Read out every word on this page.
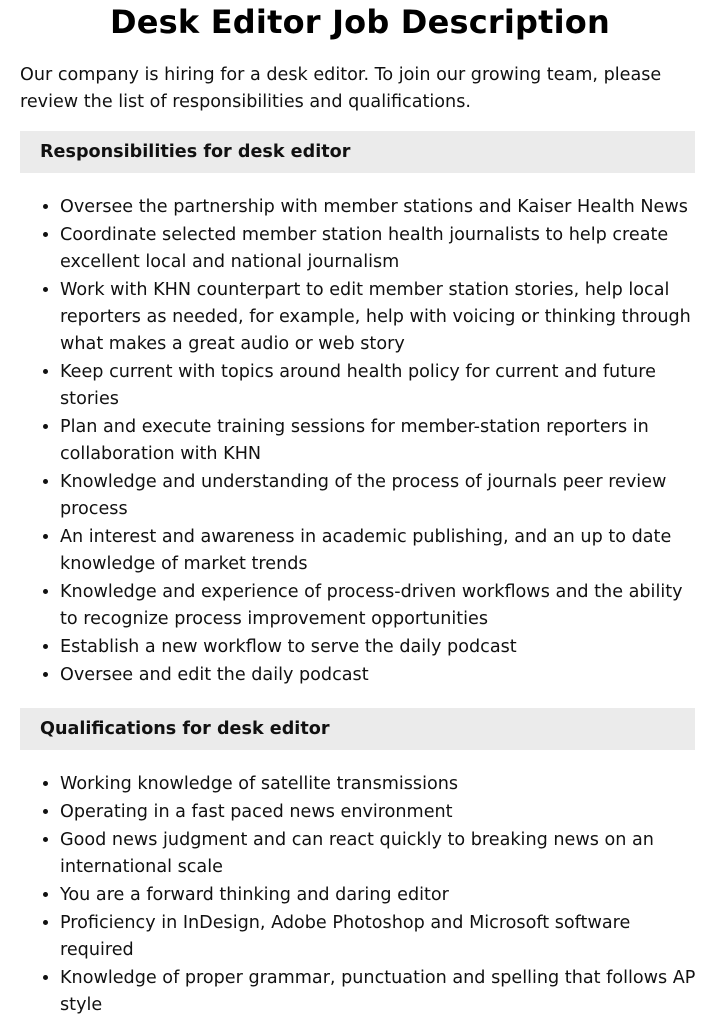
Desk Editor Job Description

Our company is hiring for a desk editor. To join our growing team, please review the list of responsibilities and qualifications.

Responsibilities for desk editor
• Oversee the partnership with member stations and Kaiser Health News
• Coordinate selected member station health journalists to help create excellent local and national journalism
• Work with KHN counterpart to edit member station stories, help local reporters as needed, for example, help with voicing or thinking through what makes a great audio or web story
• Keep current with topics around health policy for current and future stories
• Plan and execute training sessions for member-station reporters in collaboration with KHN
• Knowledge and understanding of the process of journals peer review process
• An interest and awareness in academic publishing, and an up to date knowledge of market trends
• Knowledge and experience of process-driven workflows and the ability to recognize process improvement opportunities
• Establish a new workflow to serve the daily podcast
• Oversee and edit the daily podcast
Qualifications for desk editor
• Working knowledge of satellite transmissions
• Operating in a fast paced news environment
• Good news judgment and can react quickly to breaking news on an international scale
• You are a forward thinking and daring editor
• Proficiency in InDesign, Adobe Photoshop and Microsoft software required
• Knowledge of proper grammar, punctuation and spelling that follows AP style
